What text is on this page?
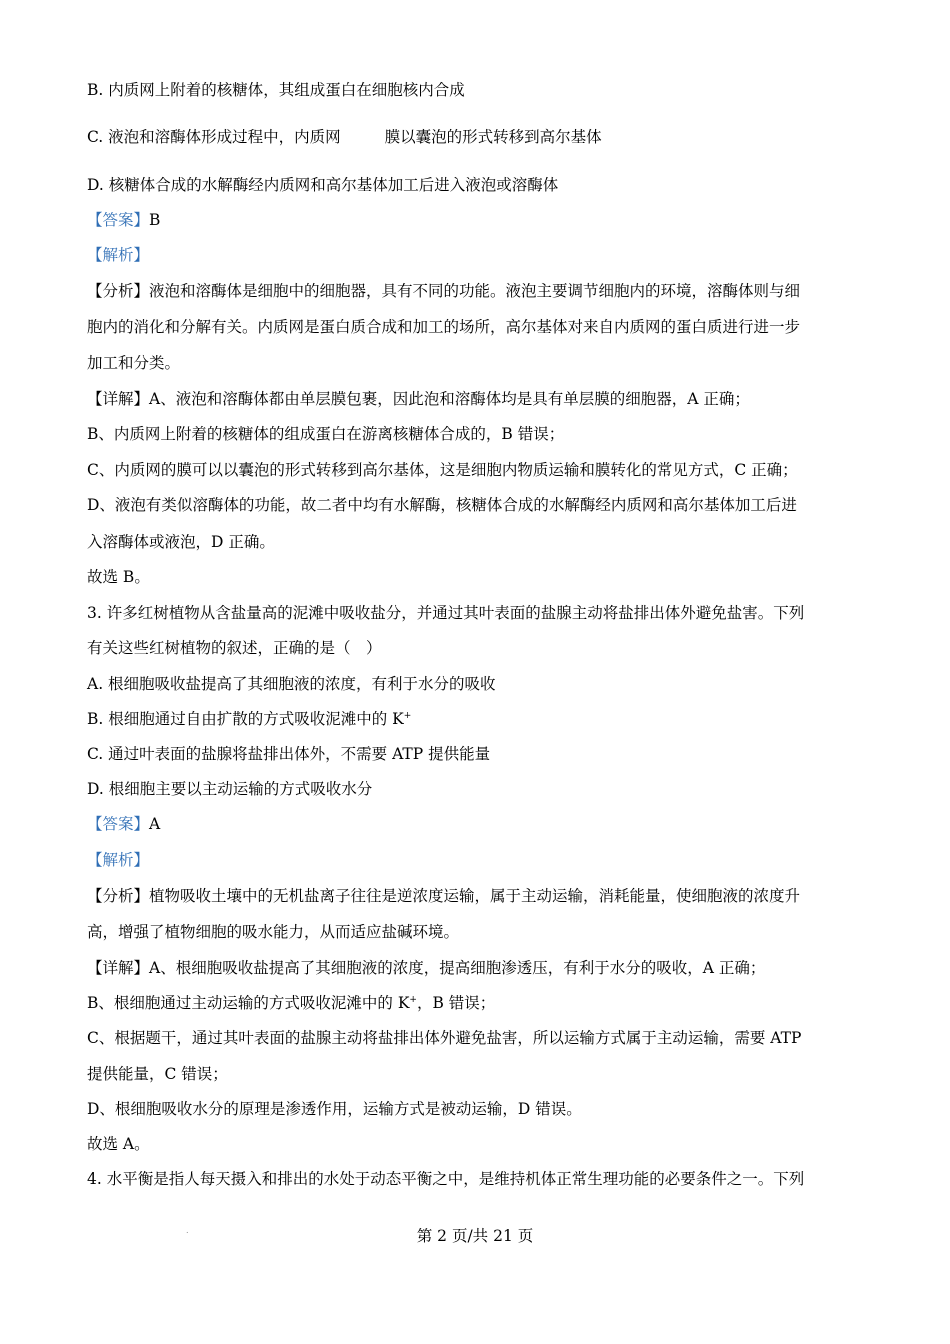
B. 内质网上附着的核糖体，其组成蛋白在细胞核内合成
C. 液泡和溶酶体形成过程中，内质网	膜以囊泡的形式转移到高尔基体
D. 核糖体合成的水解酶经内质网和高尔基体加工后进入液泡或溶酶体
【答案】B
【解析】
【分析】液泡和溶酶体是细胞中的细胞器，具有不同的功能。液泡主要调节细胞内的环境，溶酶体则与细
胞内的消化和分解有关。内质网是蛋白质合成和加工的场所，高尔基体对来自内质网的蛋白质进行进一步
加工和分类。
【详解】A、液泡和溶酶体都由单层膜包裹，因此泡和溶酶体均是具有单层膜的细胞器，A 正确；
B、内质网上附着的核糖体的组成蛋白在游离核糖体合成的，B 错误；
C、内质网的膜可以以囊泡的形式转移到高尔基体，这是细胞内物质运输和膜转化的常见方式，C 正确；
D、液泡有类似溶酶体的功能，故二者中均有水解酶，核糖体合成的水解酶经内质网和高尔基体加工后进
入溶酶体或液泡，D 正确。
故选 B。
3. 许多红树植物从含盐量高的泥滩中吸收盐分，并通过其叶表面的盐腺主动将盐排出体外避免盐害。下列
有关这些红树植物的叙述，正确的是（　）
A. 根细胞吸收盐提高了其细胞液的浓度，有利于水分的吸收
B. 根细胞通过自由扩散的方式吸收泥滩中的 K+
C. 通过叶表面的盐腺将盐排出体外，不需要 ATP 提供能量
D. 根细胞主要以主动运输的方式吸收水分
【答案】A
【解析】
【分析】植物吸收土壤中的无机盐离子往往是逆浓度运输，属于主动运输，消耗能量，使细胞液的浓度升
高，增强了植物细胞的吸水能力，从而适应盐碱环境。
【详解】A、根细胞吸收盐提高了其细胞液的浓度，提高细胞渗透压，有利于水分的吸收，A 正确；
B、根细胞通过主动运输的方式吸收泥滩中的 K+，B 错误；
C、根据题干，通过其叶表面的盐腺主动将盐排出体外避免盐害，所以运输方式属于主动运输，需要 ATP
提供能量，C 错误；
D、根细胞吸收水分的原理是渗透作用，运输方式是被动运输，D 错误。
故选 A。
4. 水平衡是指人每天摄入和排出的水处于动态平衡之中，是维持机体正常生理功能的必要条件之一。下列
.	第 2 页/共 21 页
